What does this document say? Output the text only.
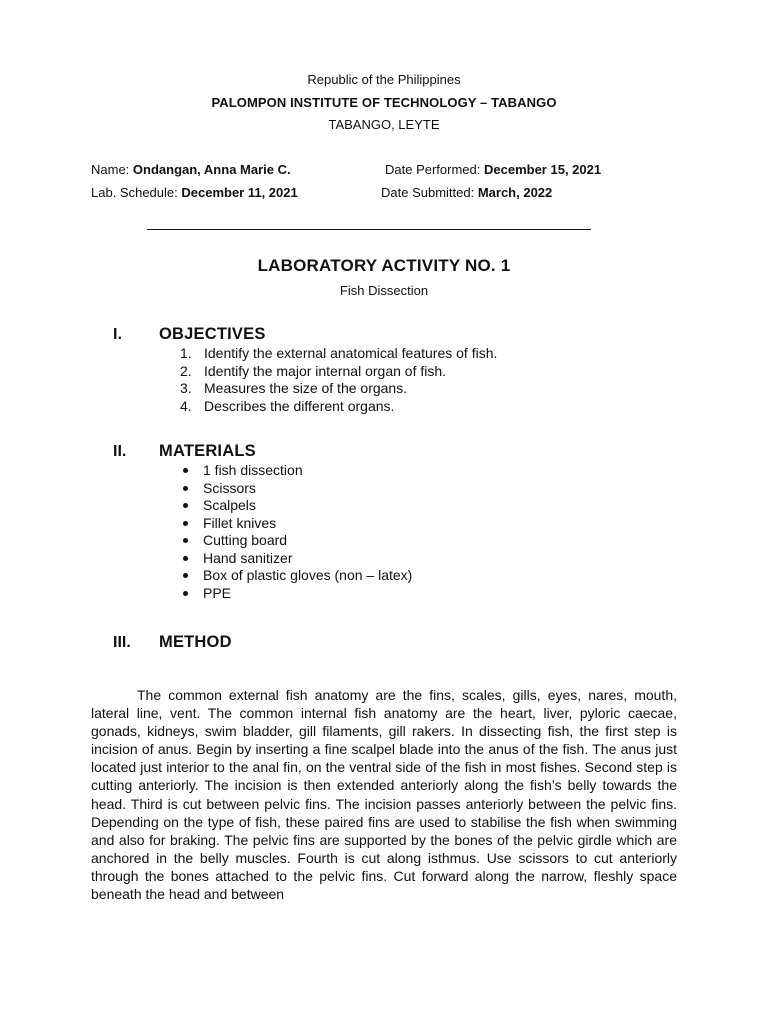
Republic of the Philippines
PALOMPON INSTITUTE OF TECHNOLOGY – TABANGO
TABANGO, LEYTE
Name: Ondangan, Anna Marie C.	Date Performed: December 15, 2021
Lab. Schedule: December 11, 2021	Date Submitted: March, 2022
LABORATORY ACTIVITY NO. 1
Fish Dissection
I. OBJECTIVES
1. Identify the external anatomical features of fish.
2. Identify the major internal organ of fish.
3. Measures the size of the organs.
4. Describes the different organs.
II. MATERIALS
1 fish dissection
Scissors
Scalpels
Fillet knives
Cutting board
Hand sanitizer
Box of plastic gloves (non – latex)
PPE
III. METHOD

The common external fish anatomy are the fins, scales, gills, eyes, nares, mouth, lateral line, vent. The common internal fish anatomy are the heart, liver, pyloric caecae, gonads, kidneys, swim bladder, gill filaments, gill rakers. In dissecting fish, the first step is incision of anus. Begin by inserting a fine scalpel blade into the anus of the fish. The anus just located just interior to the anal fin, on the ventral side of the fish in most fishes. Second step is cutting anteriorly. The incision is then extended anteriorly along the fish’s belly towards the head. Third is cut between pelvic fins. The incision passes anteriorly between the pelvic fins. Depending on the type of fish, these paired fins are used to stabilise the fish when swimming and also for braking. The pelvic fins are supported by the bones of the pelvic girdle which are anchored in the belly muscles. Fourth is cut along isthmus. Use scissors to cut anteriorly through the bones attached to the pelvic fins. Cut forward along the narrow, fleshly space beneath the head and between
